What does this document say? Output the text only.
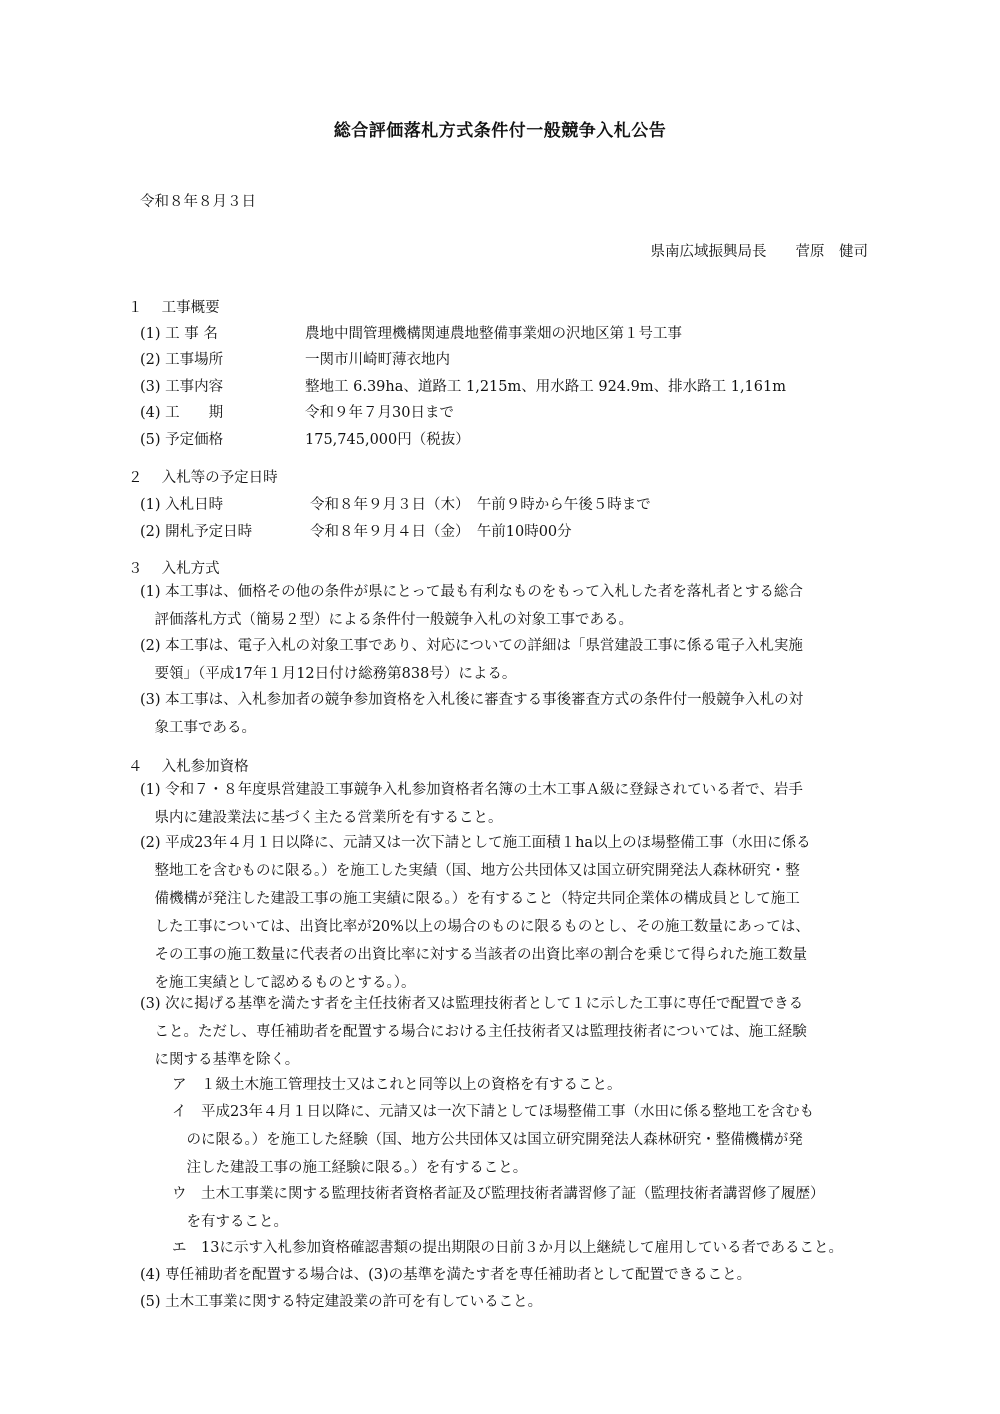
総合評価落札方式条件付一般競争入札公告
令和８年８月３日
県南広域振興局長　　菅原　健司
１　 工事概要
(1) 工 事 名	農地中間管理機構関連農地整備事業畑の沢地区第１号工事
(2) 工事場所	一関市川崎町薄衣地内
(3) 工事内容	整地工 6.39ha、道路工 1,215m、用水路工 924.9m、排水路工 1,161m
(4) 工　　期	令和９年７月30日まで
(5) 予定価格	175,745,000円（税抜）
２　 入札等の予定日時
(1) 入札日時	令和８年９月３日（木）　午前９時から午後５時まで
(2) 開札予定日時	令和８年９月４日（金）　午前10時00分
３　 入札方式
(1) 本工事は、価格その他の条件が県にとって最も有利なものをもって入札した者を落札者とする総合
　評価落札方式（簡易２型）による条件付一般競争入札の対象工事である。
(2) 本工事は、電子入札の対象工事であり、対応についての詳細は「県営建設工事に係る電子入札実施
　要領」（平成17年１月12日付け総務第838号）による。
(3) 本工事は、入札参加者の競争参加資格を入札後に審査する事後審査方式の条件付一般競争入札の対
　象工事である。
４　 入札参加資格
(1) 令和７・８年度県営建設工事競争入札参加資格者名簿の土木工事Ａ級に登録されている者で、岩手
　県内に建設業法に基づく主たる営業所を有すること。
(2) 平成23年４月１日以降に、元請又は一次下請として施工面積１ha以上のほ場整備工事（水田に係る
　整地工を含むものに限る。）を施工した実績（国、地方公共団体又は国立研究開発法人森林研究・整
　備機構が発注した建設工事の施工実績に限る。）を有すること（特定共同企業体の構成員として施工
　した工事については、出資比率が20%以上の場合のものに限るものとし、その施工数量にあっては、
　その工事の施工数量に代表者の出資比率に対する当該者の出資比率の割合を乗じて得られた施工数量
　を施工実績として認めるものとする。）。
(3) 次に掲げる基準を満たす者を主任技術者又は監理技術者として１に示した工事に専任で配置できる
　こと。ただし、専任補助者を配置する場合における主任技術者又は監理技術者については、施工経験
　に関する基準を除く。
ア　１級土木施工管理技士又はこれと同等以上の資格を有すること。
イ　平成23年４月１日以降に、元請又は一次下請としてほ場整備工事（水田に係る整地工を含むも
　のに限る。）を施工した経験（国、地方公共団体又は国立研究開発法人森林研究・整備機構が発
　注した建設工事の施工経験に限る。）を有すること。
ウ　土木工事業に関する監理技術者資格者証及び監理技術者講習修了証（監理技術者講習修了履歴）
　を有すること。
エ　13に示す入札参加資格確認書類の提出期限の日前３か月以上継続して雇用している者であること。
(4) 専任補助者を配置する場合は、(3)の基準を満たす者を専任補助者として配置できること。
(5) 土木工事業に関する特定建設業の許可を有していること。
